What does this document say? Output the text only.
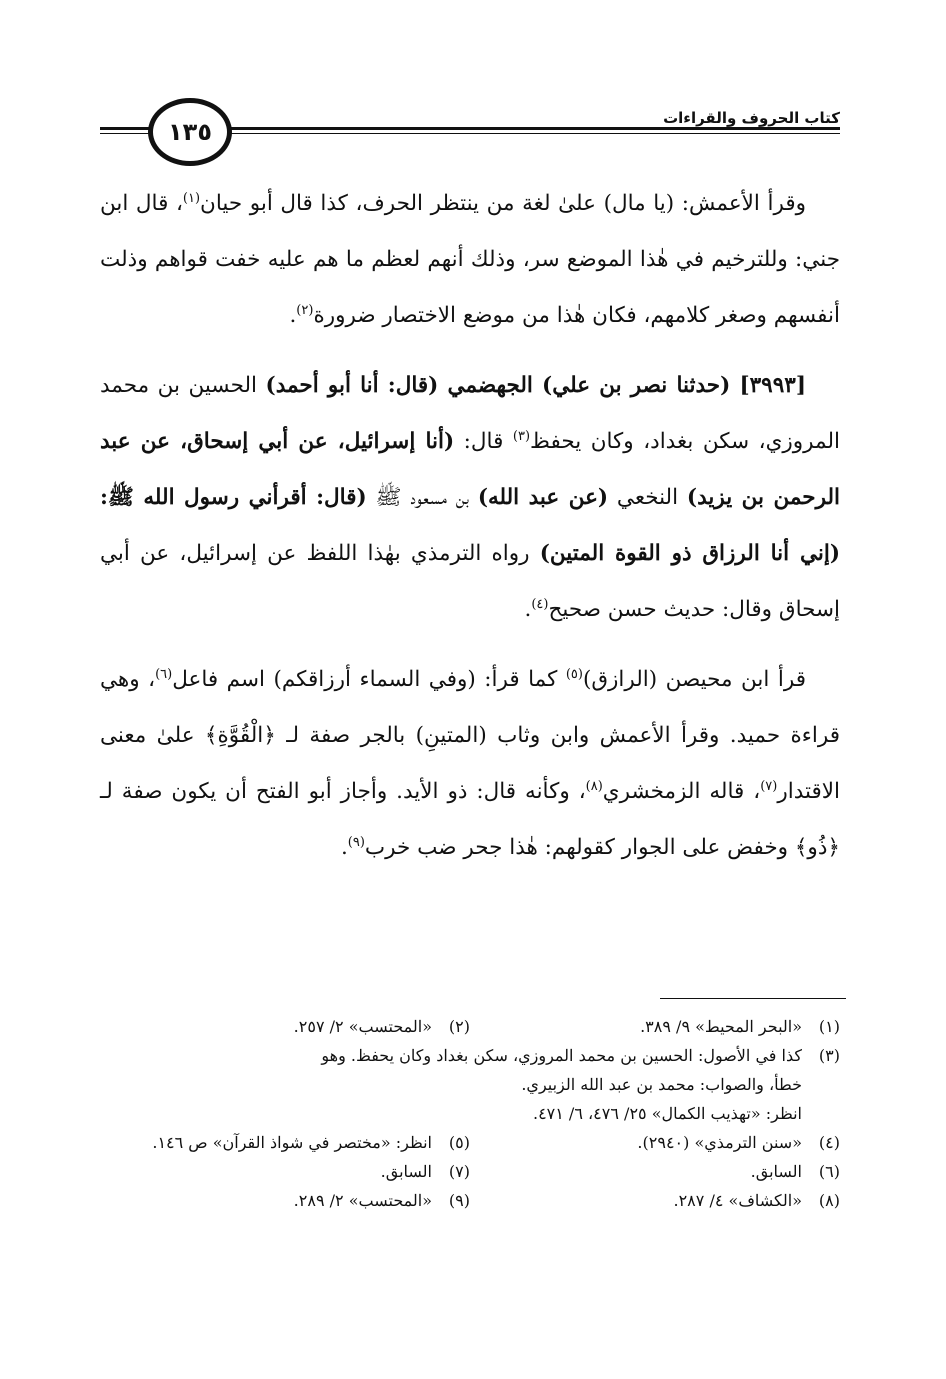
كتاب الحروف والقراءات
١٣٥

وقرأ الأعمش: (يا مال) علىٰ لغة من ينتظر الحرف، كذا قال أبو حيان$^{(١)}$، قال ابن جني: وللترخيم في هٰذا الموضع سر، وذلك أنهم لعظم ما هم عليه خفت قواهم وذلت أنفسهم وصغر كلامهم، فكان هٰذا من موضع الاختصار ضرورة$^{(٢)}$.

[٣٩٩٣] (حدثنا نصر بن علي) الجهضمي (قال: أنا أبو أحمد) الحسين بن محمد المروزي، سكن بغداد، وكان يحفظ$^{(٣)}$ قال: (أنا إسرائيل، عن أبي إسحاق، عن عبد الرحمن بن يزيد) النخعي (عن عبد الله) بن مسعود ﷺ (قال: أقرأني رسول الله ﷺ: (إني أنا الرزاق ذو القوة المتين) رواه الترمذي بهٰذا اللفظ عن إسرائيل، عن أبي إسحاق وقال: حديث حسن صحيح$^{(٤)}$.

قرأ ابن محيصن (الرازق)$^{(٥)}$ كما قرأ: (وفي السماء أرزاقكم) اسم فاعل$^{(٦)}$، وهي قراءة حميد. وقرأ الأعمش وابن وثاب (المتينِ) بالجر صفة لـ ﴿الْقُوَّةِ﴾ علىٰ معنى الاقتدار$^{(٧)}$، قاله الزمخشري$^{(٨)}$، وكأنه قال: ذو الأيد. وأجاز أبو الفتح أن يكون صفة لـ ﴿ذُو﴾ وخفض على الجوار كقولهم: هٰذا جحر ضب خرب$^{(٩)}$.

(١)
«البحر المحيط» ٩/ ٣٨٩.
(٢)
«المحتسب» ٢/ ٢٥٧.
(٣)
كذا في الأصول: الحسين بن محمد المروزي، سكن بغداد وكان يحفظ. وهو
خطأ، والصواب: محمد بن عبد الله الزبيري.
انظر: «تهذيب الكمال» ٢٥/ ٤٧٦، ٦/ ٤٧١.
(٤)
«سنن الترمذي» (٢٩٤٠).
(٥)
انظر: «مختصر في شواذ القرآن» ص ١٤٦.
(٦)
السابق.
(٧)
السابق.
(٨)
«الكشاف» ٤/ ٢٨٧.
(٩)
«المحتسب» ٢/ ٢٨٩.
